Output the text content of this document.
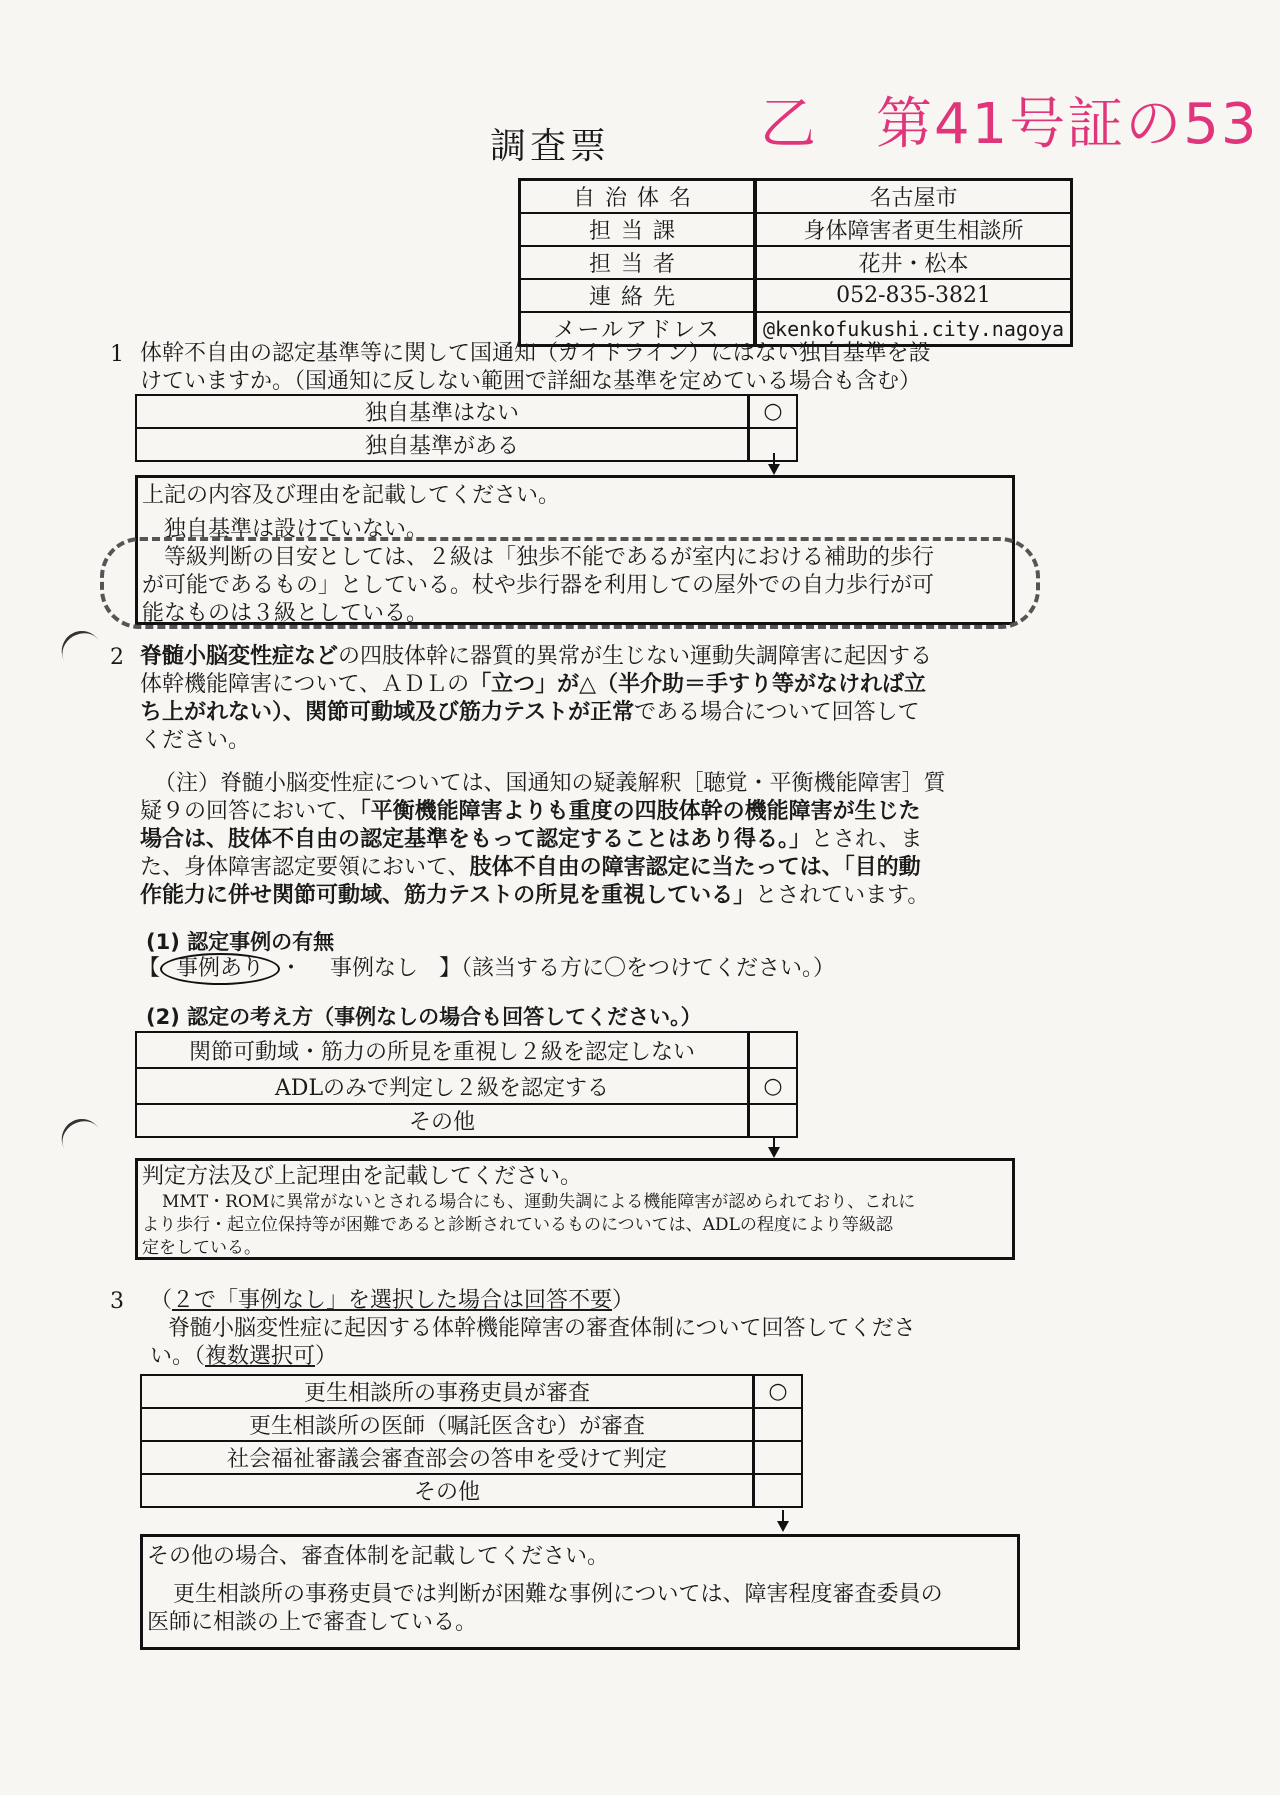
乙　第41号証の53
調査票
自治体名	名古屋市
担当課	身体障害者更生相談所
担当者	花井・松本
連絡先	052-835-3821
メールアドレス	@kenkofukushi.city.nagoya
1 体幹不自由の認定基準等に関して国通知（ガイドライン）にはない独自基準を設
けていますか。（国通知に反しない範囲で詳細な基準を定めている場合も含む）
独自基準はない	○
独自基準がある	
上記の内容及び理由を記載してください。
独自基準は設けていない。
等級判断の目安としては、２級は「独歩不能であるが室内における補助的歩行
が可能であるもの」としている。杖や歩行器を利用しての屋外での自力歩行が可
能なものは３級としている。
2 脊髄小脳変性症などの四肢体幹に器質的異常が生じない運動失調障害に起因する
体幹機能障害について、ＡＤＬの「立つ」が△（半介助＝手すり等がなければ立
ち上がれない）、関節可動域及び筋力テストが正常である場合について回答して
ください。
（注）脊髄小脳変性症については、国通知の疑義解釈［聴覚・平衡機能障害］質
疑９の回答において、「平衡機能障害よりも重度の四肢体幹の機能障害が生じた
場合は、肢体不自由の認定基準をもって認定することはあり得る。」とされ、ま
た、身体障害認定要領において、肢体不自由の障害認定に当たっては、「目的動
作能力に併せ関節可動域、筋力テストの所見を重視している」とされています。
(1) 認定事例の有無
【 事例あり ・ 事例なし 】（該当する方に〇をつけてください。）
(2) 認定の考え方（事例なしの場合も回答してください。）
関節可動域・筋力の所見を重視し２級を認定しない	
ADLのみで判定し２級を認定する	○
その他	
判定方法及び上記理由を記載してください。
MMT・ROMに異常がないとされる場合にも、運動失調による機能障害が認められており、これに
より歩行・起立位保持等が困難であると診断されているものについては、ADLの程度により等級認
定をしている。
3 （２で「事例なし」を選択した場合は回答不要）
脊髄小脳変性症に起因する体幹機能障害の審査体制について回答してくださ
い。（複数選択可）
更生相談所の事務吏員が審査	○
更生相談所の医師（嘱託医含む）が審査	
社会福祉審議会審査部会の答申を受けて判定	
その他	
その他の場合、審査体制を記載してください。
更生相談所の事務吏員では判断が困難な事例については、障害程度審査委員の
医師に相談の上で審査している。
